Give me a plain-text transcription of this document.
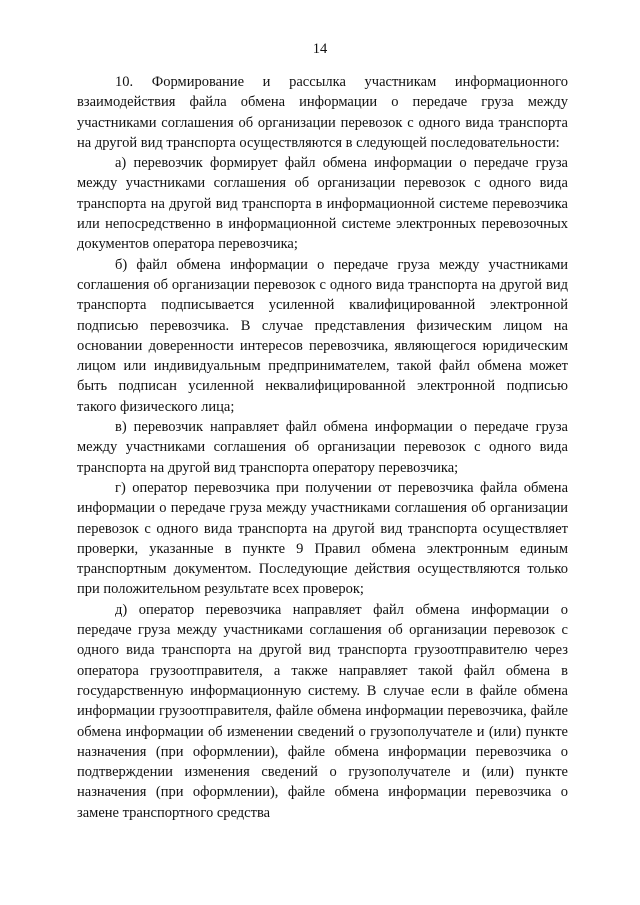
14

10. Формирование и рассылка участникам информационного взаимодействия файла обмена информации о передаче груза между участниками соглашения об организации перевозок с одного вида транспорта на другой вид транспорта осуществляются в следующей последовательности:

а) перевозчик формирует файл обмена информации о передаче груза между участниками соглашения об организации перевозок с одного вида транспорта на другой вид транспорта в информационной системе перевозчика или непосредственно в информационной системе электронных перевозочных документов оператора перевозчика;

б) файл обмена информации о передаче груза между участниками соглашения об организации перевозок с одного вида транспорта на другой вид транспорта подписывается усиленной квалифицированной электронной подписью перевозчика. В случае представления физическим лицом на основании доверенности интересов перевозчика, являющегося юридическим лицом или индивидуальным предпринимателем, такой файл обмена может быть подписан усиленной неквалифицированной электронной подписью такого физического лица;

в) перевозчик направляет файл обмена информации о передаче груза между участниками соглашения об организации перевозок с одного вида транспорта на другой вид транспорта оператору перевозчика;

г) оператор перевозчика при получении от перевозчика файла обмена информации о передаче груза между участниками соглашения об организации перевозок с одного вида транспорта на другой вид транспорта осуществляет проверки, указанные в пункте 9 Правил обмена электронным единым транспортным документом. Последующие действия осуществляются только при положительном результате всех проверок;

д) оператор перевозчика направляет файл обмена информации о передаче груза между участниками соглашения об организации перевозок с одного вида транспорта на другой вид транспорта грузоотправителю через оператора грузоотправителя, а также направляет такой файл обмена в государственную информационную систему. В случае если в файле обмена информации грузоотправителя, файле обмена информации перевозчика, файле обмена информации об изменении сведений о грузополучателе и (или) пункте назначения (при оформлении), файле обмена информации перевозчика о подтверждении изменения сведений о грузополучателе и (или) пункте назначения (при оформлении), файле обмена информации перевозчика о замене транспортного средства
